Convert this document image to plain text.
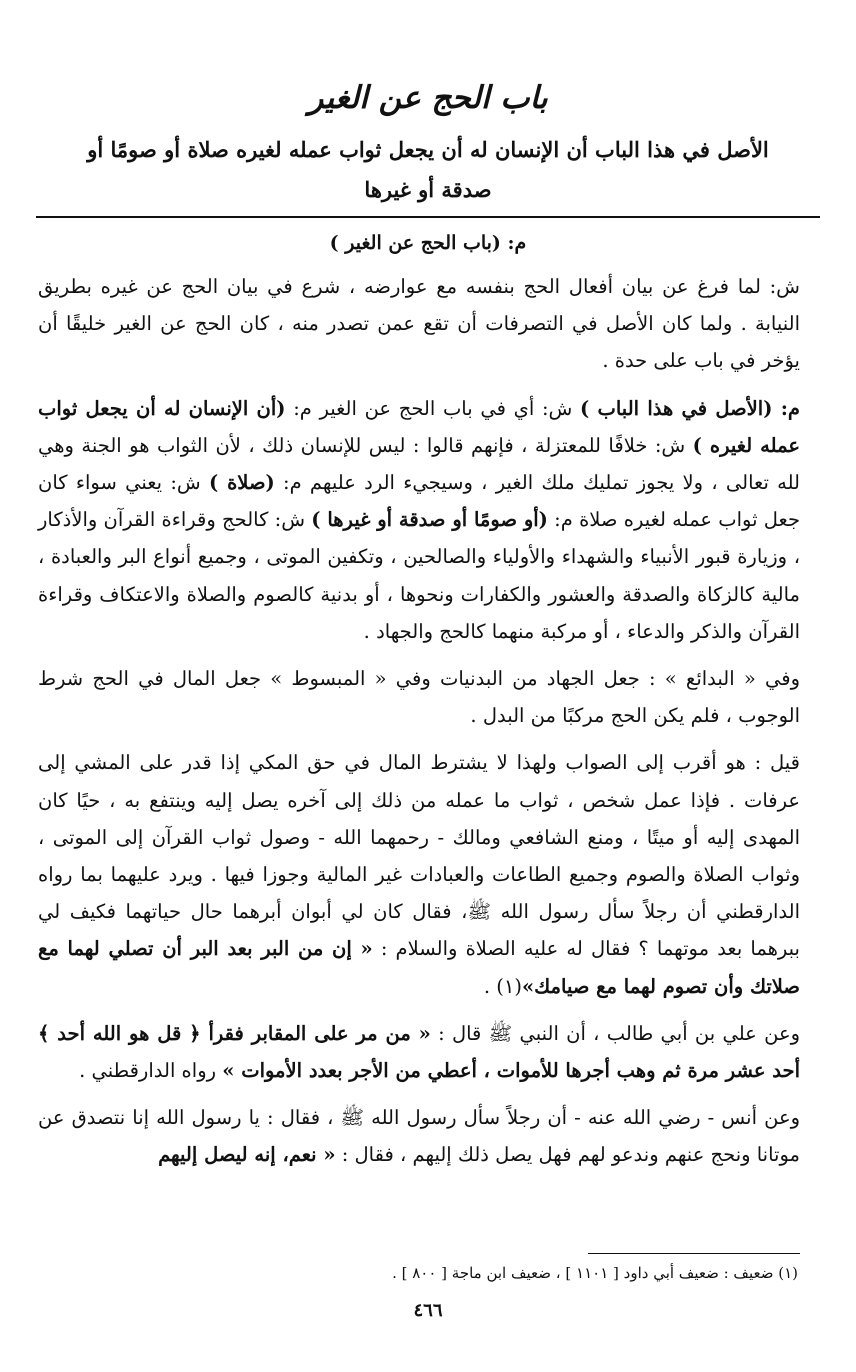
باب الحج عن الغير
الأصل في هذا الباب أن الإنسان له أن يجعل ثواب عمله لغيره صلاة أو صومًا أو صدقة أو غيرها
م: (باب الحج عن الغير )

ش: لما فرغ عن بيان أفعال الحج بنفسه مع عوارضه ، شرع في بيان الحج عن غيره بطريق النيابة . ولما كان الأصل في التصرفات أن تقع عمن تصدر منه ، كان الحج عن الغير خليقًا أن يؤخر في باب على حدة .

م: (الأصل في هذا الباب ) ش: أي في باب الحج عن الغير م: (أن الإنسان له أن يجعل ثواب عمله لغيره ) ش: خلافًا للمعتزلة ، فإنهم قالوا : ليس للإنسان ذلك ، لأن الثواب هو الجنة وهي لله تعالى ، ولا يجوز تمليك ملك الغير ، وسيجيء الرد عليهم م: (صلاة ) ش: يعني سواء كان جعل ثواب عمله لغيره صلاة م: (أو صومًا أو صدقة أو غيرها ) ش: كالحج وقراءة القرآن والأذكار ، وزيارة قبور الأنبياء والشهداء والأولياء والصالحين ، وتكفين الموتى ، وجميع أنواع البر والعبادة ، مالية كالزكاة والصدقة والعشور والكفارات ونحوها ، أو بدنية كالصوم والصلاة والاعتكاف وقراءة القرآن والذكر والدعاء ، أو مركبة منهما كالحج والجهاد .

وفي « البدائع » : جعل الجهاد من البدنيات وفي « المبسوط » جعل المال في الحج شرط الوجوب ، فلم يكن الحج مركبًا من البدل .

قيل : هو أقرب إلى الصواب ولهذا لا يشترط المال في حق المكي إذا قدر على المشي إلى عرفات . فإذا عمل شخص ، ثواب ما عمله من ذلك إلى آخره يصل إليه وينتفع به ، حيًا كان المهدى إليه أو ميتًا ، ومنع الشافعي ومالك - رحمهما الله - وصول ثواب القرآن إلى الموتى ، وثواب الصلاة والصوم وجميع الطاعات والعبادات غير المالية وجوزا فيها . ويرد عليهما بما رواه الدارقطني أن رجلاً سأل رسول الله ﷺ، فقال كان لي أبوان أبرهما حال حياتهما فكيف لي ببرهما بعد موتهما ؟ فقال له عليه الصلاة والسلام : « إن من البر بعد البر أن تصلي لهما مع صلاتك وأن تصوم لهما مع صيامك»(١) .

وعن علي بن أبي طالب ، أن النبي ﷺ قال : « من مر على المقابر فقرأ ﴿ قل هو الله أحد ﴾ أحد عشر مرة ثم وهب أجرها للأموات ، أعطي من الأجر بعدد الأموات » رواه الدارقطني .

وعن أنس - رضي الله عنه - أن رجلاً سأل رسول الله ﷺ ، فقال : يا رسول الله إنا نتصدق عن موتانا ونحج عنهم وندعو لهم فهل يصل ذلك إليهم ، فقال : « نعم، إنه ليصل إليهم

(١) ضعيف : ضعيف أبي داود [ ١١٠١ ] ، ضعيف ابن ماجة [ ٨٠٠ ] .
٤٦٦
